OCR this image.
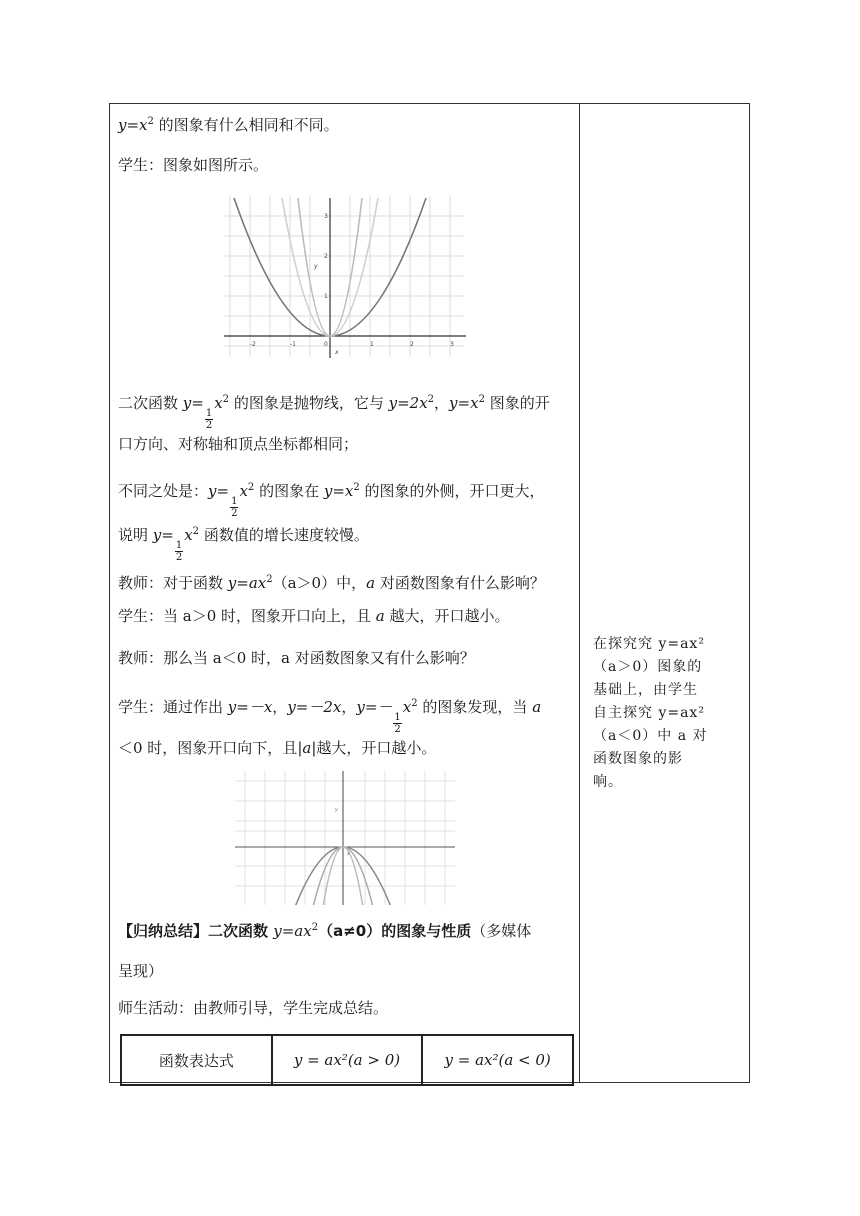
$y=x^2$ 的图象有什么相同和不同。
学生：图象如图所示。
-2	-1	0	1	2	3
3
2
1
x
y
二次函数 y=
$\frac{1}{2}$
$x^2$ 的图象是抛物线，它与 $y=2x^2$，$y=x^2$ 图象的开
口方向、对称轴和顶点坐标都相同；
不同之处是：y=
$\frac{1}{2}$
$x^2$ 的图象在 $y=x^2$ 的图象的外侧，开口更大，
说明 y=
$\frac{1}{2}$
$x^2$ 函数值的增长速度较慢。
教师：对于函数 $y=ax^2(a>0)$中，a 对函数图象有什么影响？
学生：当 a＞0 时，图象开口向上，且 a 越大，开口越小。
教师：那么当 a＜0 时，a 对函数图象又有什么影响？
学生：通过作出 y=－x，y=－2x，y=－
$\frac{1}{2}$
$x^2$ 的图象发现，当 a
＜0 时，图象开口向下，且|a|越大，开口越小。
x
y
【归纳总结】二次函数 $y=ax^2(a\ne 0)$的图象与性质（多媒体
呈现）
师生活动：由教师引导，学生完成总结。
在探究究 y=ax²
（a＞0）图象的
基础上，由学生
自主探究 y=ax²
（a＜0）中 a 对
函数图象的影
响。
函数表达式	y = ax²(a > 0)	y = ax²(a < 0)
